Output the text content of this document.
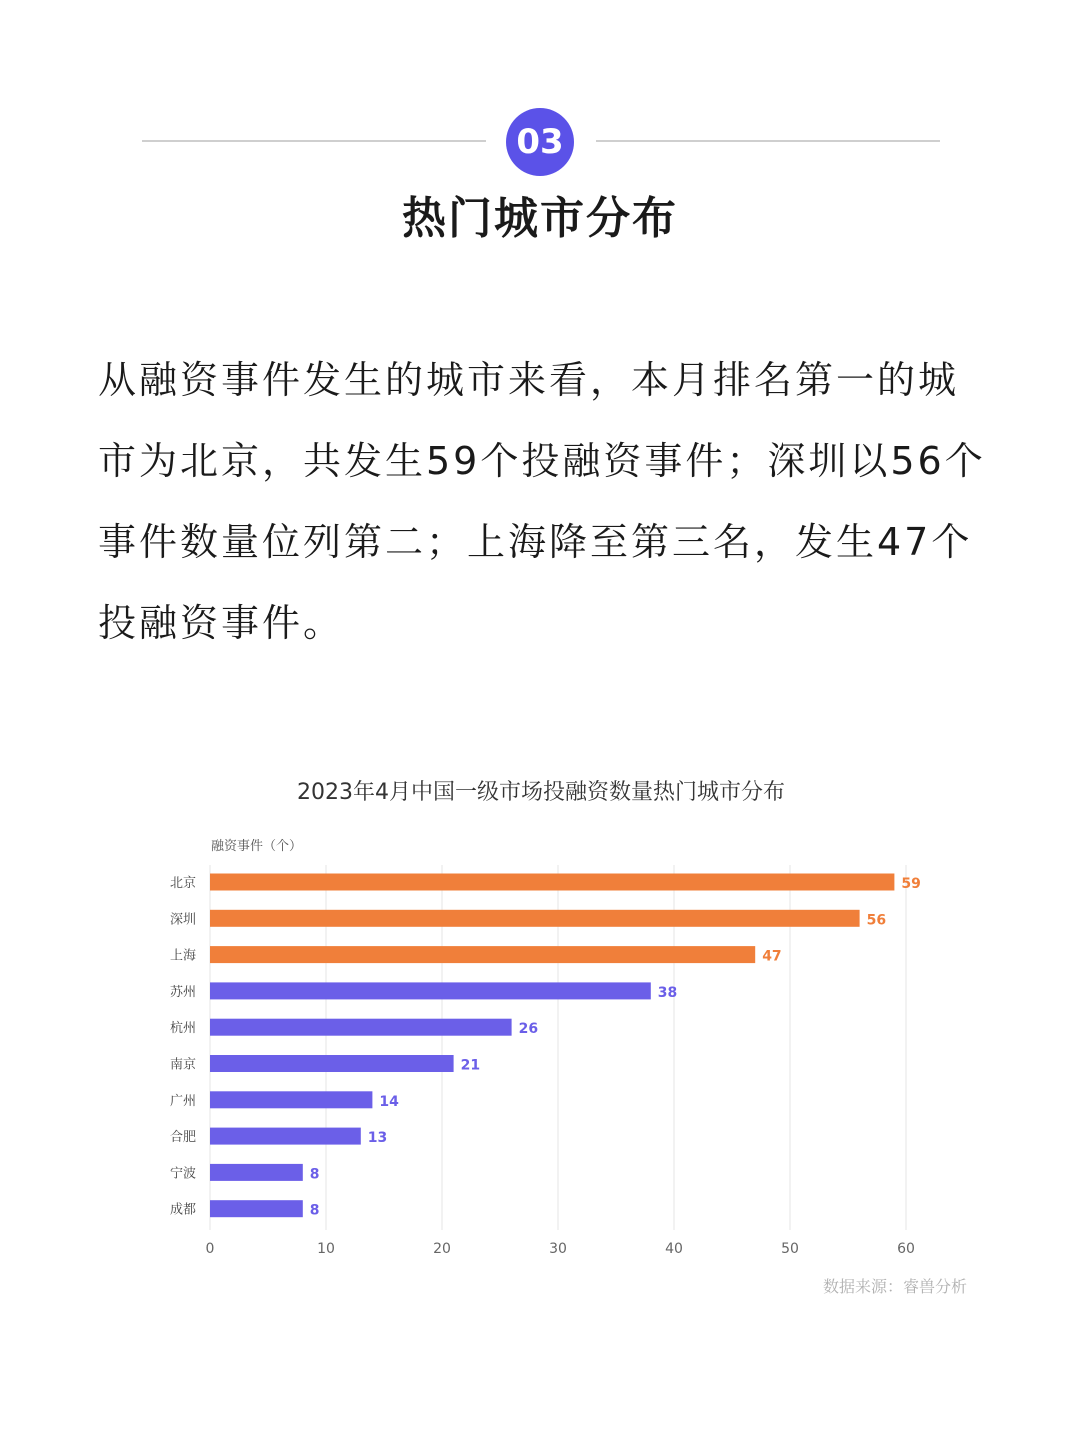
03
热门城市分布

从融资事件发生的城市来看，本月排名第一的城市为北京，共发生59个投融资事件；深圳以56个事件数量位列第二；上海降至第三名，发生47个投融资事件。

2023年4月中国一级市场投融资数量热门城市分布
融资事件（个）
北京	59
深圳	56
上海	47
苏州	38
杭州	26
南京	21
广州	14
合肥	13
宁波	8
成都	8
0	10	20	30	40	50	60
数据来源：睿兽分析
